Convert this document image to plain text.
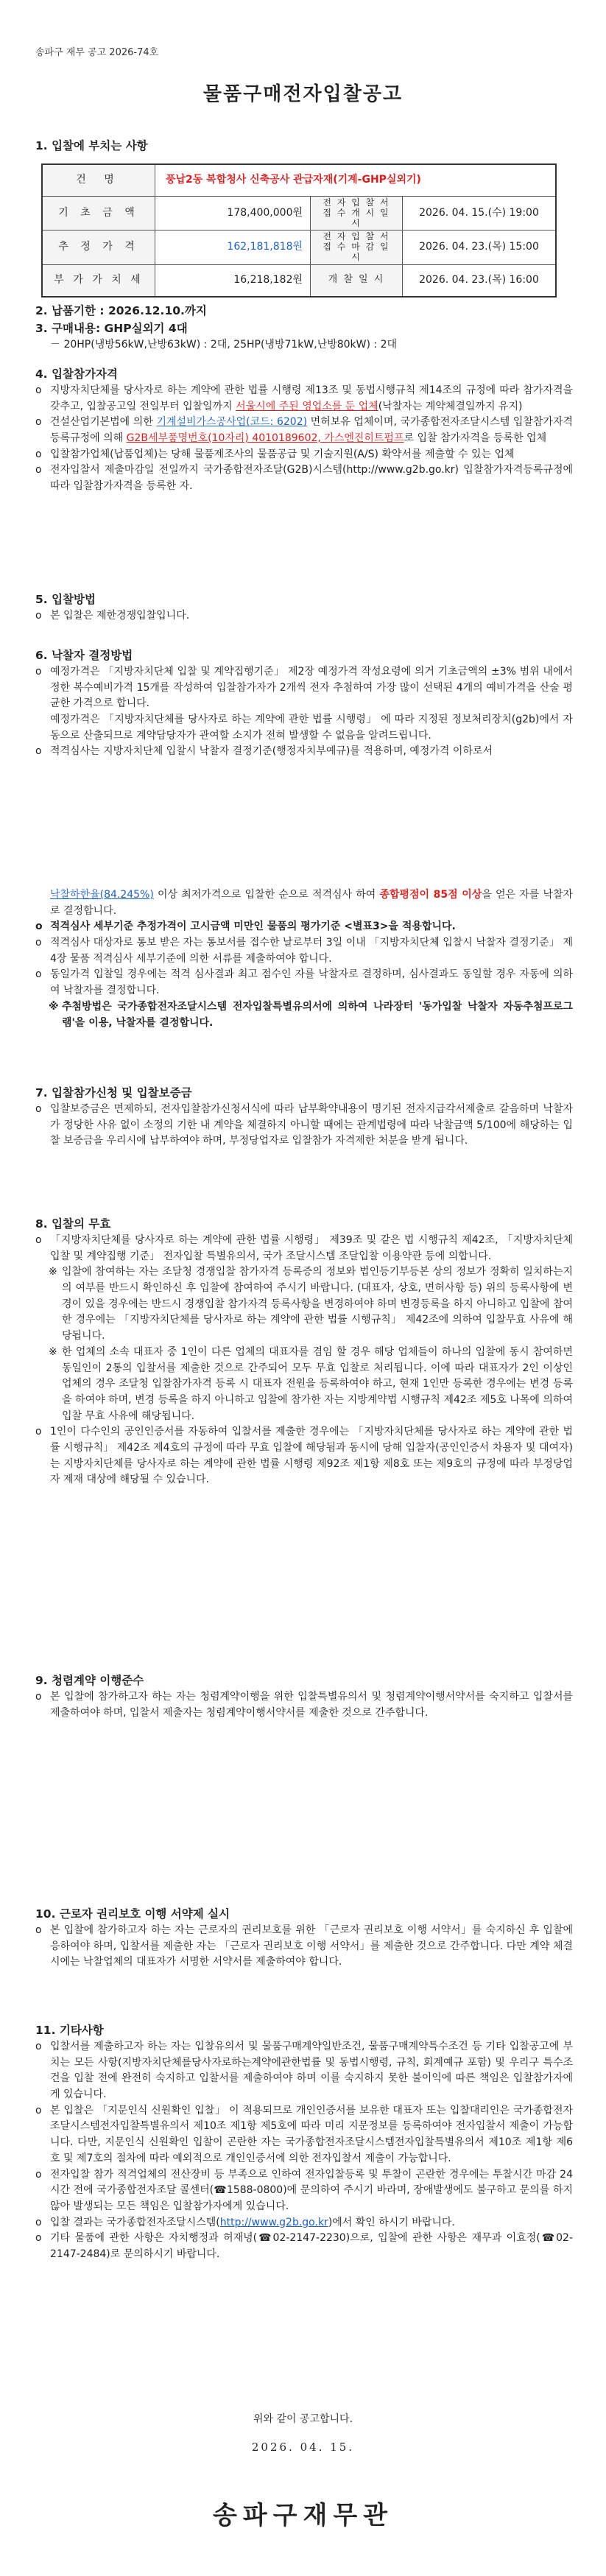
송파구 재무 공고 2026-74호
물품구매전자입찰공고

1. 입찰에 부치는 사항

건 명	풍납2동 복합청사 신축공사 관급자재(기계-GHP실외기)		
기 초 금 액	178,400,000원	전 자 입 찰 서 접 수 개 시 일 시	2026. 04. 15.(수) 19:00
추 정 가 격	162,181,818원	전 자 입 찰 서 접 수 마 감 일 시	2026. 04. 23.(목) 15:00
부 가 가 치 세	16,218,182원	개 찰 일 시	2026. 04. 23.(목) 16:00

2. 납품기한 : 2026.12.10.까지

3. 구매내용: GHP실외기 4대

－ 20HP(냉방56kW,난방63kW) : 2대, 25HP(냉방71kW,난방80kW) : 2대

4. 입찰참가자격

o 지방자치단체를 당사자로 하는 계약에 관한 법률 시행령 제13조 및 동법시행규칙 제14조의 규정에 따라 참가자격을 갖추고, 입찰공고일 전일부터 입찰일까지 서울시에 주된 영업소를 둔 업체(낙찰자는 계약체결일까지 유지)

o 건설산업기본법에 의한 기계설비가스공사업(코드: 6202) 면허보유 업체이며, 국가종합전자조달시스템 입찰참가자격 등록규정에 의해 G2B세부품명번호(10자리) 4010189602, 가스엔진히트펌프로 입찰 참가자격을 등록한 업체

o 입찰참가업체(납품업체)는 당해 물품제조사의 물품공급 및 기술지원(A/S) 확약서를 제출할 수 있는 업체

o 전자입찰서 제출마감일 전일까지 국가종합전자조달(G2B)시스템(http://www.g2b.go.kr) 입찰참가자격등록규정에 따라 입찰참가자격을 등록한 자.

5. 입찰방법

o 본 입찰은 제한경쟁입찰입니다.

6. 낙찰자 결정방법

o 예정가격은 「지방자치단체 입찰 및 계약집행기준」 제2장 예정가격 작성요령에 의거 기초금액의 ±3% 범위 내에서 정한 복수예비가격 15개를 작성하여 입찰참가자가 2개씩 전자 추첨하여 가장 많이 선택된 4개의 예비가격을 산술 평균한 가격으로 합니다.

예정가격은 「지방자치단체를 당사자로 하는 계약에 관한 법률 시행령」 에 따라 지정된 정보처리장치(g2b)에서 자동으로 산출되므로 계약담당자가 관여할 소지가 전혀 발생할 수 없음을 알려드립니다.

o 적격심사는 지방자치단체 입찰시 낙찰자 결정기준(행정자치부예규)를 적용하며, 예정가격 이하로서

낙찰하한율(84.245%) 이상 최저가격으로 입찰한 순으로 적격심사 하여 종합평점이 85점 이상을 얻은 자를 낙찰자로 결정합니다.

o 적격심사 세부기준 추정가격이 고시금액 미만인 물품의 평가기준 <별표3>을 적용합니다.

o 적격심사 대상자로 통보 받은 자는 통보서를 접수한 날로부터 3일 이내 「지방자치단체 입찰시 낙찰자 결정기준」 제4장 물품 적격심사 세부기준에 의한 서류를 제출하여야 합니다.

o 동일가격 입찰일 경우에는 적격 심사결과 최고 점수인 자를 낙찰자로 결정하며, 심사결과도 동일할 경우 자동에 의하여 낙찰자를 결정합니다.

※ 추첨방법은 국가종합전자조달시스템 전자입찰특별유의서에 의하여 나라장터 '동가입찰 낙찰자 자동추첨프로그램'을 이용, 낙찰자를 결정합니다.

7. 입찰참가신청 및 입찰보증금

o 입찰보증금은 면제하되, 전자입찰참가신청서식에 따라 납부확약내용이 명기된 전자지급각서제출로 갈음하며 낙찰자가 정당한 사유 없이 소정의 기한 내 계약을 체결하지 아니할 때에는 관계법령에 따라 낙찰금액 5/100에 해당하는 입찰 보증금을 우리시에 납부하여야 하며, 부정당업자로 입찰참가 자격제한 처분을 받게 됩니다.

8. 입찰의 무효

o 「지방자치단체를 당사자로 하는 계약에 관한 법률 시행령」 제39조 및 같은 법 시행규칙 제42조, 「지방자치단체 입찰 및 계약집행 기준」 전자입찰 특별유의서, 국가 조달시스템 조달입찰 이용약관 등에 의합니다.

※ 입찰에 참여하는 자는 조달청 경쟁입찰 참가자격 등록증의 정보와 법인등기부등본 상의 정보가 정확히 일치하는지의 여부를 반드시 확인하신 후 입찰에 참여하여 주시기 바랍니다. (대표자, 상호, 면허사항 등) 위의 등록사항에 변경이 있을 경우에는 반드시 경쟁입찰 참가자격 등록사항을 변경하여야 하며 변경등록을 하지 아니하고 입찰에 참여한 경우에는 「지방자치단체를 당사자로 하는 계약에 관한 법률 시행규칙」 제42조에 의하여 입찰무효 사유에 해당됩니다.

※ 한 업체의 소속 대표자 중 1인이 다른 업체의 대표자를 겸임 할 경우 해당 업체들이 하나의 입찰에 동시 참여하면 동일인이 2통의 입찰서를 제출한 것으로 간주되어 모두 무효 입찰로 처리됩니다. 이에 따라 대표자가 2인 이상인 업체의 경우 조달청 입찰참가자격 등록 시 대표자 전원을 등록하여야 하고, 현재 1인만 등록한 경우에는 변경 등록을 하여야 하며, 변경 등록을 하지 아니하고 입찰에 참가한 자는 지방계약법 시행규칙 제42조 제5호 나목에 의하여 입찰 무효 사유에 해당됩니다.

o 1인이 다수인의 공인인증서를 자동하여 입찰서를 제출한 경우에는 「지방자치단체를 당사자로 하는 계약에 관한 법률 시행규칙」 제42조 제4호의 규정에 따라 무효 입찰에 해당됨과 동시에 당해 입찰자(공인인증서 차용자 및 대여자)는 지방자치단체를 당사자로 하는 계약에 관한 법률 시행령 제92조 제1항 제8호 또는 제9호의 규정에 따라 부정당업자 제재 대상에 해당될 수 있습니다.

9. 청렴계약 이행준수

o 본 입찰에 참가하고자 하는 자는 청렴계약이행을 위한 입찰특별유의서 및 청렴계약이행서약서를 숙지하고 입찰서를 제출하여야 하며, 입찰서 제출자는 청렴계약이행서약서를 제출한 것으로 간주합니다.

10. 근로자 권리보호 이행 서약제 실시

o 본 입찰에 참가하고자 하는 자는 근로자의 권리보호를 위한 「근로자 권리보호 이행 서약서」를 숙지하신 후 입찰에 응하여야 하며, 입찰서를 제출한 자는 「근로자 권리보호 이행 서약서」를 제출한 것으로 간주합니다. 다만 계약 체결 시에는 낙찰업체의 대표자가 서명한 서약서를 제출하여야 합니다.

11. 기타사항

o 입찰서를 제출하고자 하는 자는 입찰유의서 및 물품구매계약일반조건, 물품구매계약특수조건 등 기타 입찰공고에 부치는 모든 사항(지방자치단체를당사자로하는계약에관한법률 및 동법시행령, 규칙, 회계예규 포함) 및 우리구 특수조건을 입찰 전에 완전히 숙지하고 입찰서를 제출하여야 하며 이를 숙지하지 못한 불이익에 따른 책임은 입찰참가자에게 있습니다.

o 본 입찰은 「지문인식 신원확인 입찰」 이 적용되므로 개인인증서를 보유한 대표자 또는 입찰대리인은 국가종합전자조달시스템전자입찰특별유의서 제10조 제1항 제5호에 따라 미리 지문정보를 등록하여야 전자입찰서 제출이 가능합니다. 다만, 지문인식 신원확인 입찰이 곤란한 자는 국가종합전자조달시스템전자입찰특별유의서 제10조 제1항 제6호 및 제7호의 절차에 따라 예외적으로 개인인증서에 의한 전자입찰서 제출이 가능합니다.

o 전자입찰 참가 적격업체의 전산장비 등 부족으로 인하여 전자입찰등록 및 투찰이 곤란한 경우에는 투찰시간 마감 24시간 전에 국가종합전자조달 콜센터(☎1588-0800)에 문의하여 주시기 바라며, 장애발생에도 불구하고 문의를 하지 않아 발생되는 모든 책임은 입찰참가자에게 있습니다.

o 입찰 결과는 국가종합전자조달시스템(http://www.g2b.go.kr)에서 확인 하시기 바랍니다.

o 기타 물품에 관한 사항은 자치행정과 허재녕(☎02-2147-2230)으로, 입찰에 관한 사항은 재무과 이효정(☎02-2147-2484)로 문의하시기 바랍니다.

위와 같이 공고합니다.
2026. 04. 15.
송파구재무관
